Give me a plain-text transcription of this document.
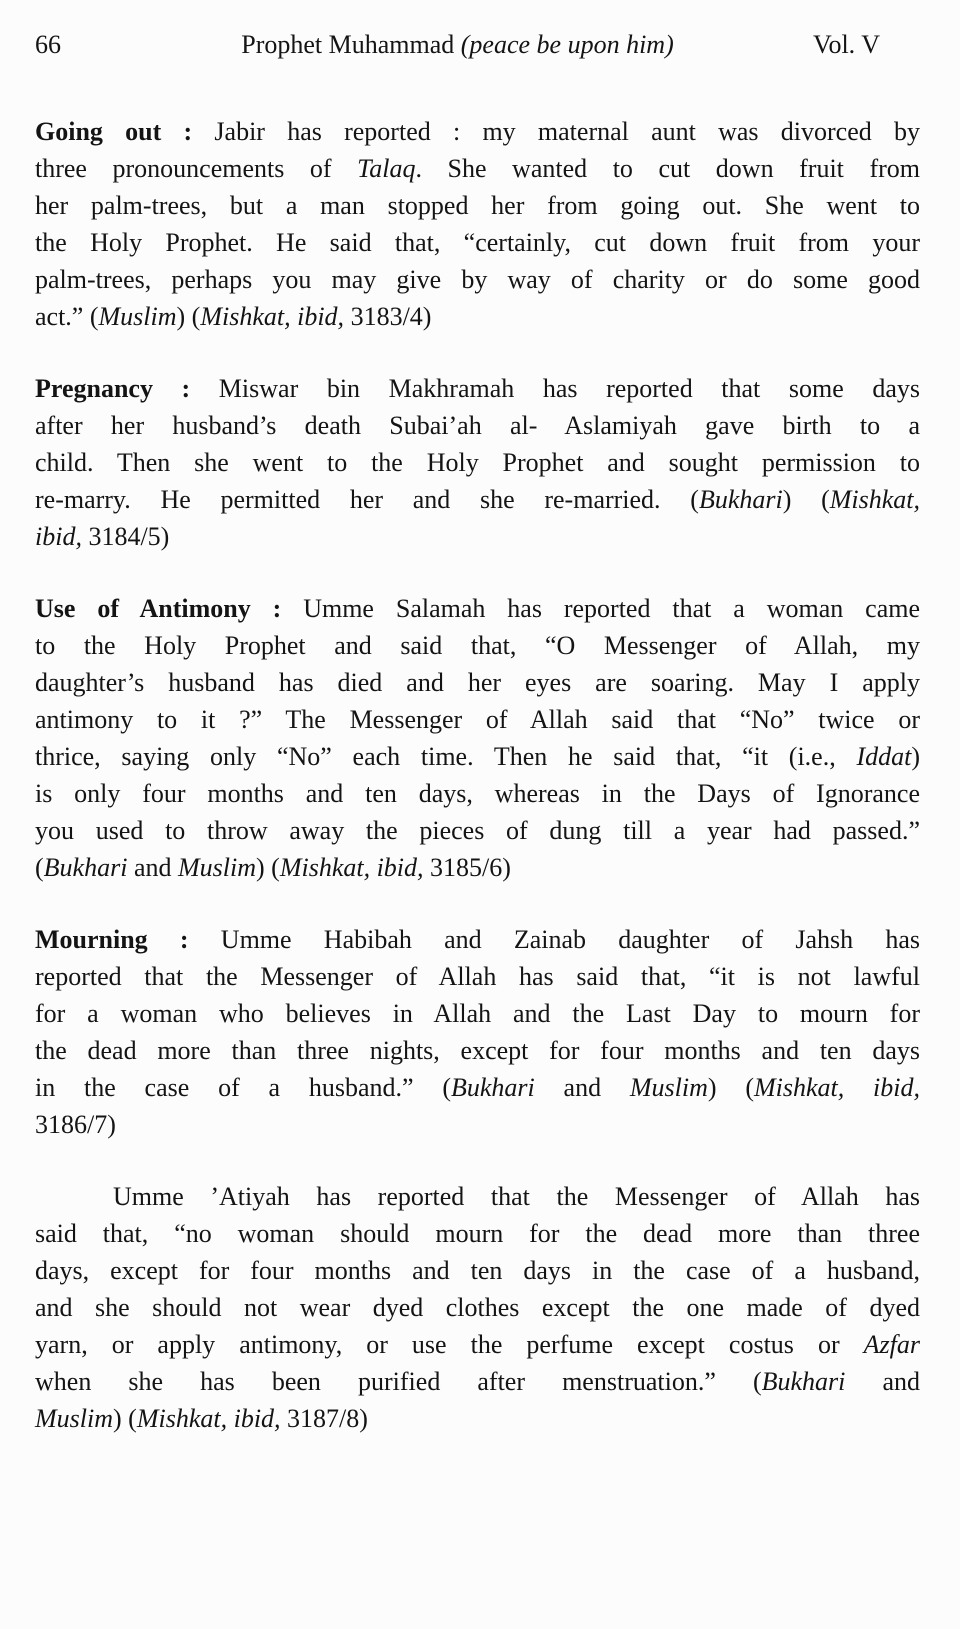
66	Prophet Muhammad (peace be upon him)	Vol. V
Going out : Jabir has reported : my maternal aunt was divorced by
three pronouncements of Talaq. She wanted to cut down fruit from
her palm-trees, but a man stopped her from going out. She went to
the Holy Prophet. He said that, “certainly, cut down fruit from your
palm-trees, perhaps you may give by way of charity or do some good
act.” (Muslim) (Mishkat, ibid, 3183/4)
Pregnancy : Miswar bin Makhramah has reported that some days
after her husband’s death Subai’ah al- Aslamiyah gave birth to a
child. Then she went to the Holy Prophet and sought permission to
re-marry. He permitted her and she re-married. (Bukhari) (Mishkat,
ibid, 3184/5)
Use of Antimony : Umme Salamah has reported that a woman came
to the Holy Prophet and said that, “O Messenger of Allah, my
daughter’s husband has died and her eyes are soaring. May I apply
antimony to it ?” The Messenger of Allah said that “No” twice or
thrice, saying only “No” each time. Then he said that, “it (i.e., Iddat)
is only four months and ten days, whereas in the Days of Ignorance
you used to throw away the pieces of dung till a year had passed.”
(Bukhari and Muslim) (Mishkat, ibid, 3185/6)
Mourning : Umme Habibah and Zainab daughter of Jahsh has
reported that the Messenger of Allah has said that, “it is not lawful
for a woman who believes in Allah and the Last Day to mourn for
the dead more than three nights, except for four months and ten days
in the case of a husband.” (Bukhari and Muslim) (Mishkat, ibid,
3186/7)
Umme ’Atiyah has reported that the Messenger of Allah has
said that, “no woman should mourn for the dead more than three
days, except for four months and ten days in the case of a husband,
and she should not wear dyed clothes except the one made of dyed
yarn, or apply antimony, or use the perfume except costus or Azfar
when she has been purified after menstruation.” (Bukhari and
Muslim) (Mishkat, ibid, 3187/8)
